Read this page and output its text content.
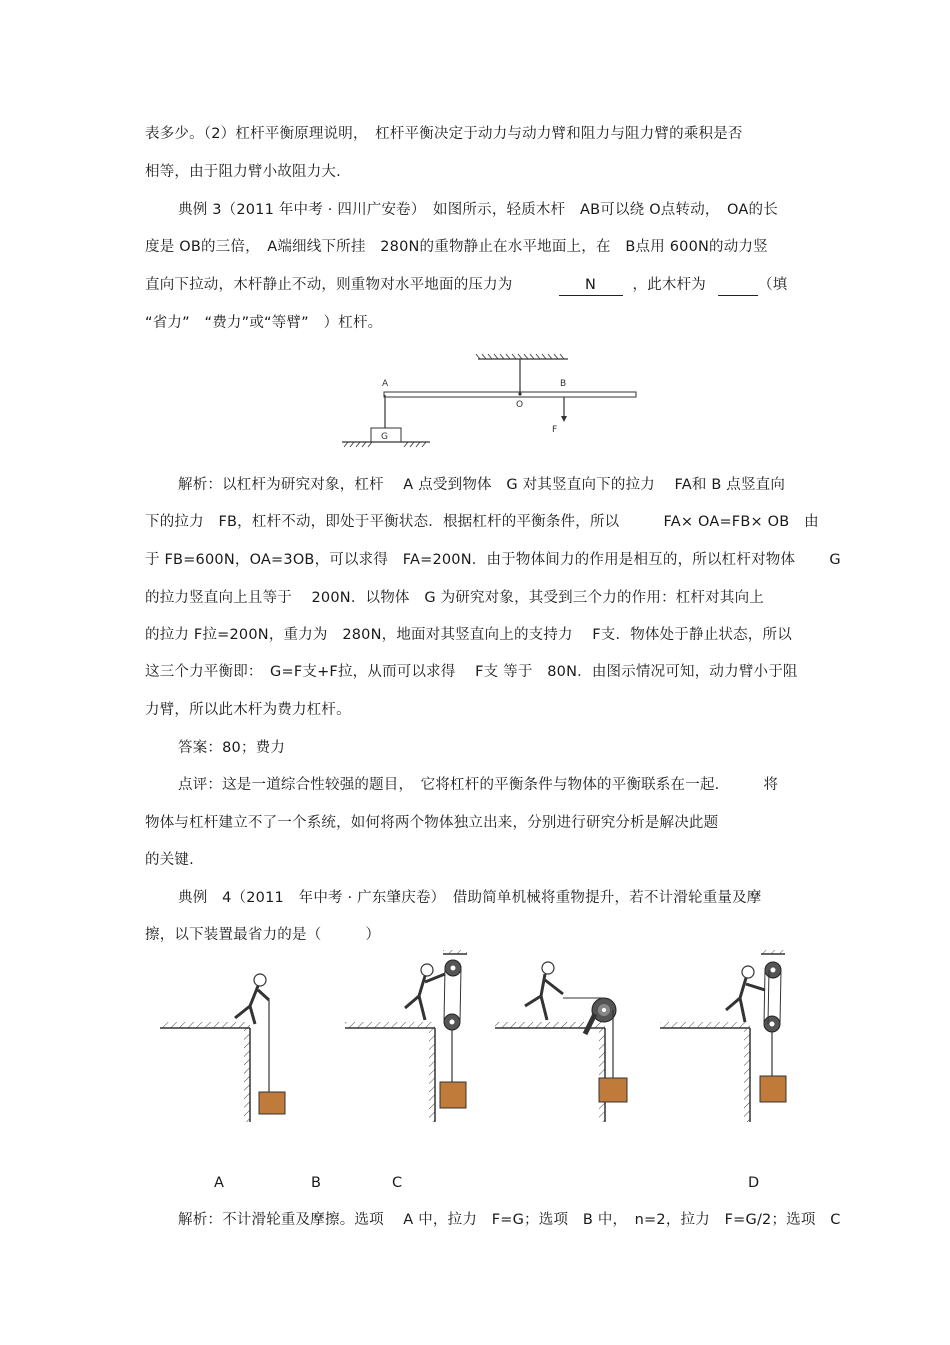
表多少。（2）杠杆平衡原理说明，　杠杆平衡决定于动力与动力臂和阻力与阻力臂的乘积是否
相等，由于阻力臂小故阻力大.
典例 3（2011 年中考 · 四川广安卷）　如图所示，轻质木杆　AB可以绕 O点转动，　OA的长
度是 OB的三倍，　A端细线下所挂　280N的重物静止在水平地面上，在　B点用 600N的动力竖
直向下拉动，木杆静止不动，则重物对水平地面的压力为	N	，此木杆为	（填
“省力”　“费力”或“等臂”　）杠杆。
G
A	B
O
F
解析：以杠杆为研究对象，杠杆　 A 点受到物体　G 对其竖直向下的拉力　 FA和 B 点竖直向
下的拉力　FB，杠杆不动，即处于平衡状态．根据杠杆的平衡条件，所以　　　FA× OA=FB× OB　由
于 FB=600N，OA=3OB，可以求得　FA=200N．由于物体间力的作用是相互的，所以杠杆对物体　　 G
的拉力竖直向上且等于　 200N．以物体　G 为研究对象，其受到三个力的作用：杠杆对其向上
的拉力 F拉=200N，重力为　280N，地面对其竖直向上的支持力　 F支．物体处于静止状态，所以
这三个力平衡即：　G=F支+F拉，从而可以求得　 F支 等于　80N．由图示情况可知，动力臂小于阻
力臂，所以此木杆为费力杠杆。
答案：80；费力
点评：这是一道综合性较强的题目，　它将杠杆的平衡条件与物体的平衡联系在一起.　　　将
物体与杠杆建立不了一个系统，如何将两个物体独立出来，分别进行研究分析是解决此题
的关键.
典例　4（2011　年中考 · 广东肇庆卷）　借助简单机械将重物提升，若不计滑轮重量及摩
擦，以下装置最省力的是（　　　）
A	B	C	D
解析：不计滑轮重及摩擦。选项　 A 中，拉力　F=G；选项　B 中，　n=2，拉力　F=G/2；选项　C
